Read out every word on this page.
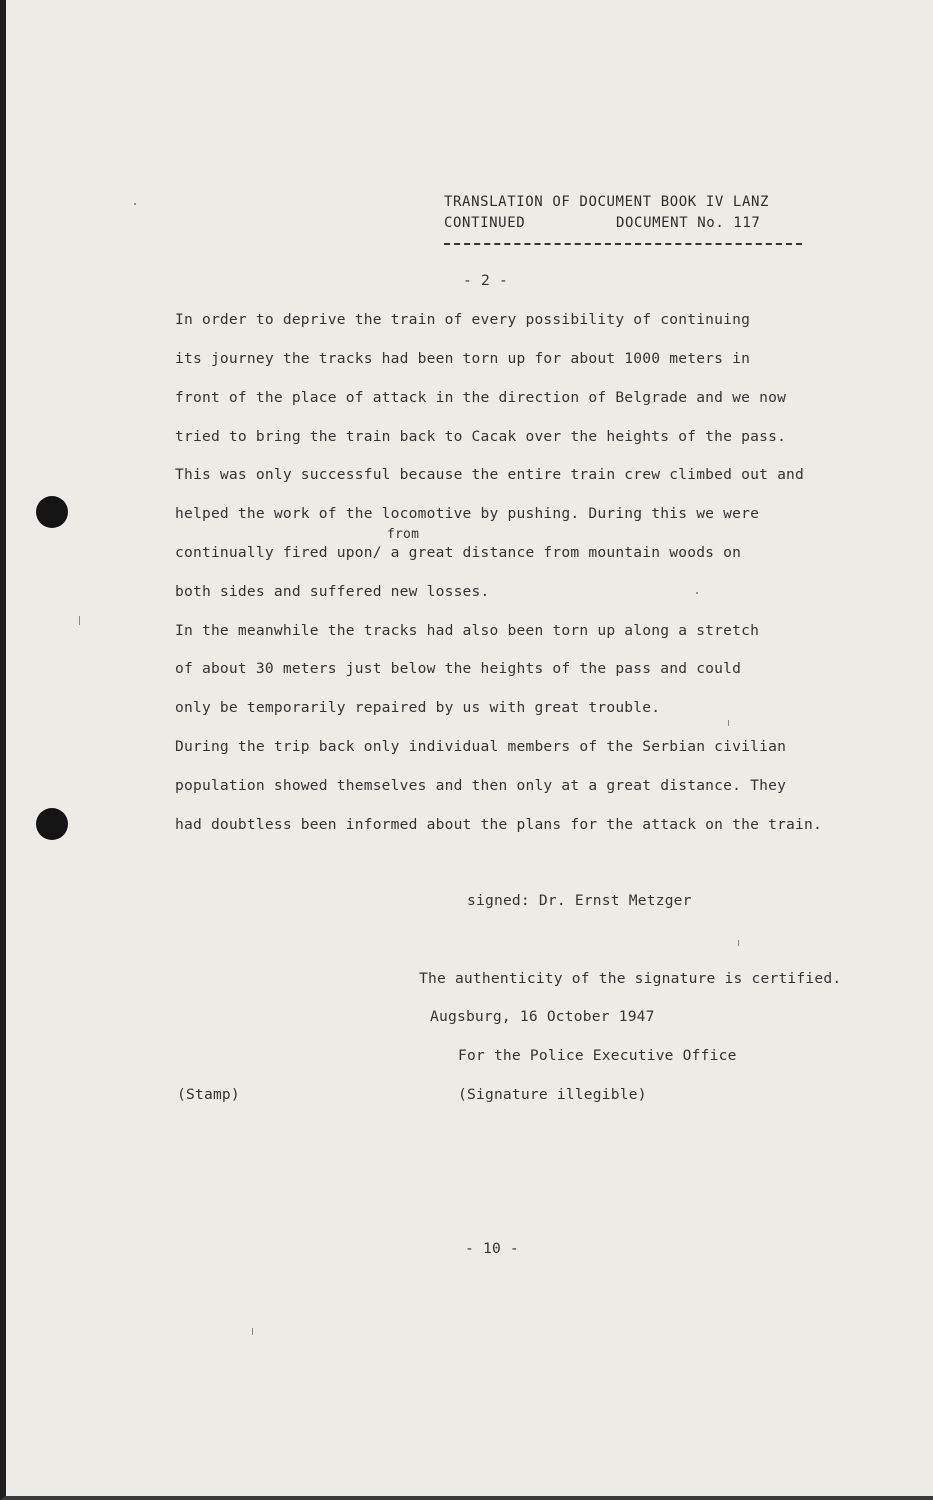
TRANSLATION OF DOCUMENT BOOK IV LANZ
CONTINUED	DOCUMENT No. 117
- 2 -
In order to deprive the train of every possibility of continuing
its journey the tracks had been torn up for about 1000 meters in
front of the place of attack in the direction of Belgrade and we now
tried to bring the train back to Cacak over the heights of the pass.
This was only successful because the entire train crew climbed out and
helped the work of the locomotive by pushing. During this we were
continually fired upon/ a great distance from mountain woods on
from
both sides and suffered new losses.
In the meanwhile the tracks had also been torn up along a stretch
of about 30 meters just below the heights of the pass and could
only be temporarily repaired by us with great trouble.
During the trip back only individual members of the Serbian civilian
population showed themselves and then only at a great distance. They
had doubtless been informed about the plans for the attack on the train.
signed: Dr. Ernst Metzger
The authenticity of the signature is certified.
Augsburg, 16 October 1947
For the Police Executive Office
(Stamp)	(Signature illegible)
- 10 -
